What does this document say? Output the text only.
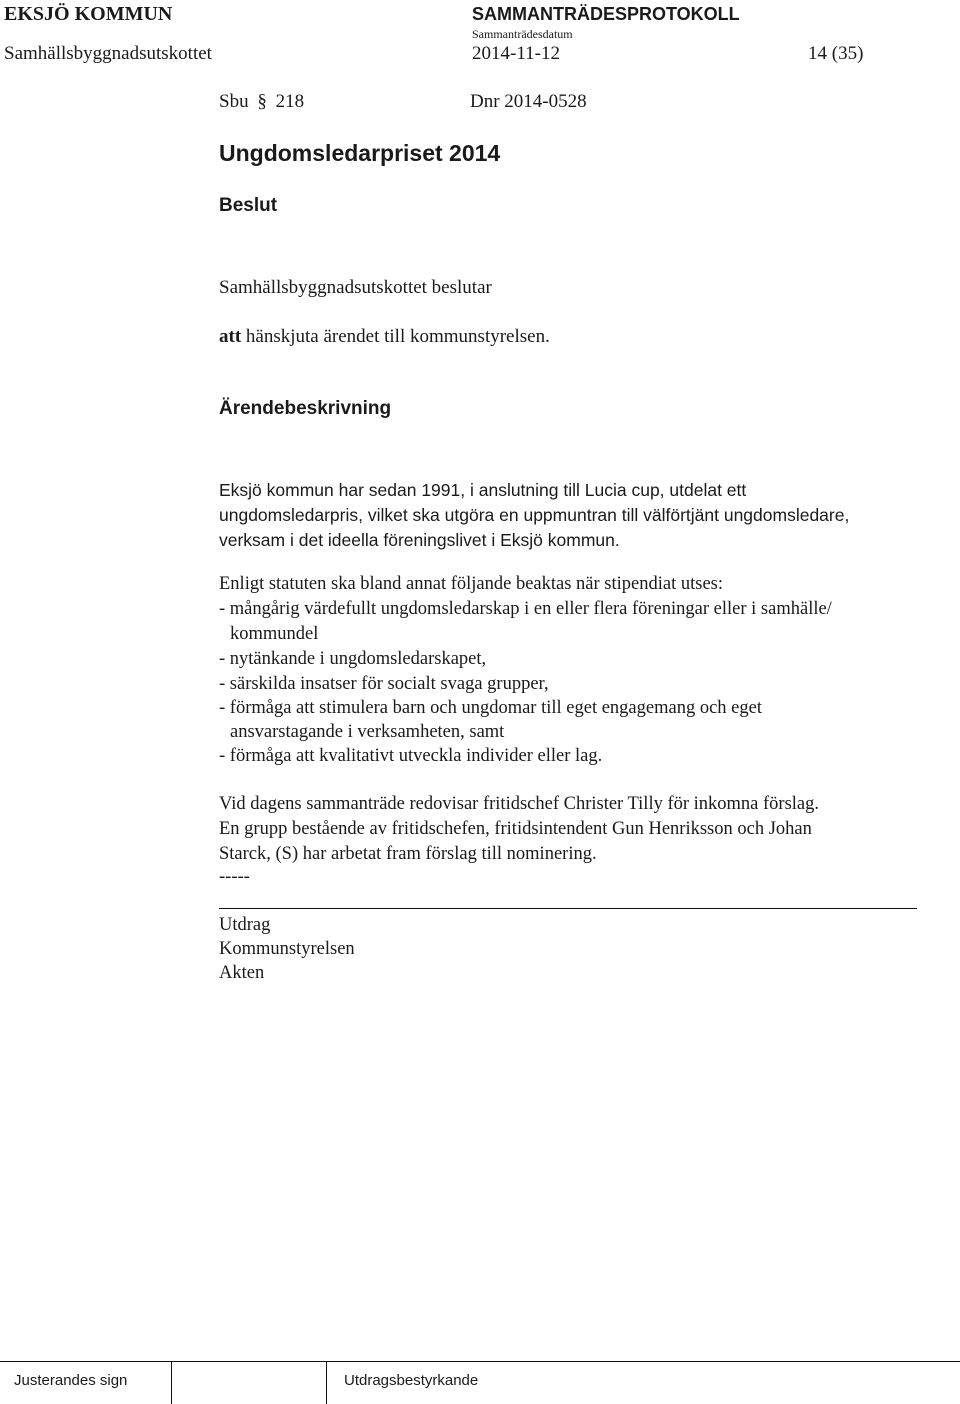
EKSJÖ KOMMUN	SAMMANTRÄDESPROTOKOLL
Sammanträdesdatum
Samhällsbyggnadsutskottet	2014-11-12	14 (35)
Sbu § 218	Dnr 2014-0528
Ungdomsledarpriset 2014
Beslut
Samhällsbyggnadsutskottet beslutar
att hänskjuta ärendet till kommunstyrelsen.
Ärendebeskrivning
Eksjö kommun har sedan 1991, i anslutning till Lucia cup, utdelat ett
ungdomsledarpris, vilket ska utgöra en uppmuntran till välförtjänt ungdomsledare,
verksam i det ideella föreningslivet i Eksjö kommun.
Enligt statuten ska bland annat följande beaktas när stipendiat utses:
- mångårig värdefullt ungdomsledarskap i en eller flera föreningar eller i samhälle/
kommundel
- nytänkande i ungdomsledarskapet,
- särskilda insatser för socialt svaga grupper,
- förmåga att stimulera barn och ungdomar till eget engagemang och eget
ansvarstagande i verksamheten, samt
- förmåga att kvalitativt utveckla individer eller lag.
Vid dagens sammanträde redovisar fritidschef Christer Tilly för inkomna förslag.
En grupp bestående av fritidschefen, fritidsintendent Gun Henriksson och Johan
Starck, (S) har arbetat fram förslag till nominering.
-----
Utdrag
Kommunstyrelsen
Akten
Justerandes sign	Utdragsbestyrkande
